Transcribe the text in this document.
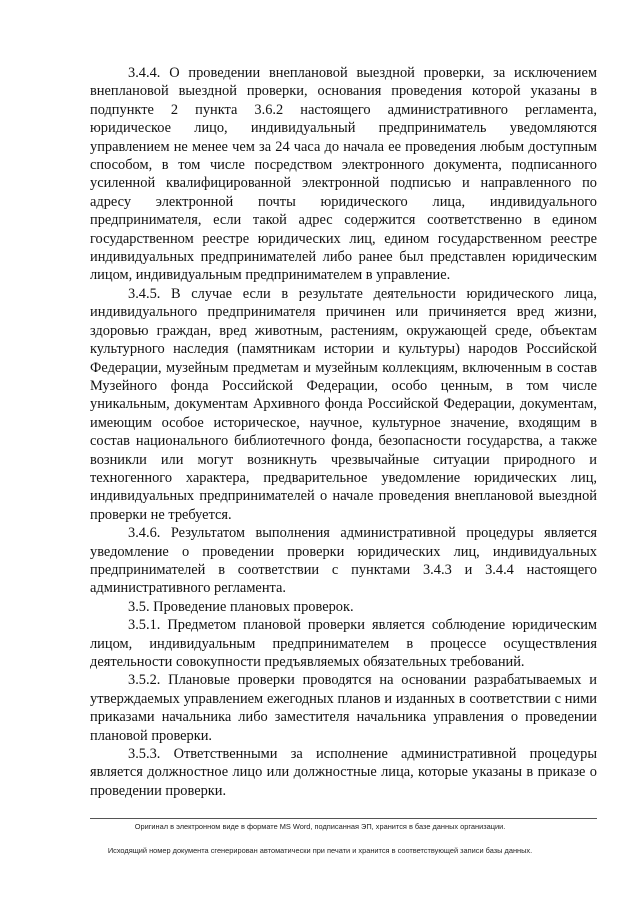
3.4.4. О проведении внеплановой выездной проверки, за исключением внеплановой выездной проверки, основания проведения которой указаны в подпункте 2 пункта 3.6.2 настоящего административного регламента, юридическое лицо, индивидуальный предприниматель уведомляются управлением не менее чем за 24 часа до начала ее проведения любым доступным способом, в том числе посредством электронного документа, подписанного усиленной квалифицированной электронной подписью и направленного по адресу электронной почты юридического лица, индивидуального предпринимателя, если такой адрес содержится соответственно в едином государственном реестре юридических лиц, едином государственном реестре индивидуальных предпринимателей либо ранее был представлен юридическим лицом, индивидуальным предпринимателем в управление.

3.4.5. В случае если в результате деятельности юридического лица, индивидуального предпринимателя причинен или причиняется вред жизни, здоровью граждан, вред животным, растениям, окружающей среде, объектам культурного наследия (памятникам истории и культуры) народов Российской Федерации, музейным предметам и музейным коллекциям, включенным в состав Музейного фонда Российской Федерации, особо ценным, в том числе уникальным, документам Архивного фонда Российской Федерации, документам, имеющим особое историческое, научное, культурное значение, входящим в состав национального библиотечного фонда, безопасности государства, а также возникли или могут возникнуть чрезвычайные ситуации природного и техногенного характера, предварительное уведомление юридических лиц, индивидуальных предпринимателей о начале проведения внеплановой выездной проверки не требуется.

3.4.6. Результатом выполнения административной процедуры является уведомление о проведении проверки юридических лиц, индивидуальных предпринимателей в соответствии с пунктами 3.4.3 и 3.4.4 настоящего административного регламента.

3.5. Проведение плановых проверок.

3.5.1. Предметом плановой проверки является соблюдение юридическим лицом, индивидуальным предпринимателем в процессе осуществления деятельности совокупности предъявляемых обязательных требований.

3.5.2. Плановые проверки проводятся на основании разрабатываемых и утверждаемых управлением ежегодных планов и изданных в соответствии с ними приказами начальника либо заместителя начальника управления о проведении плановой проверки.

3.5.3. Ответственными за исполнение административной процедуры является должностное лицо или должностные лица, которые указаны в приказе о проведении проверки.

Оригинал в электронном виде в формате MS Word, подписанная ЭП, хранится в базе данных организации.
Исходящий номер документа сгенерирован автоматически при печати и хранится в соответствующей записи базы данных.
